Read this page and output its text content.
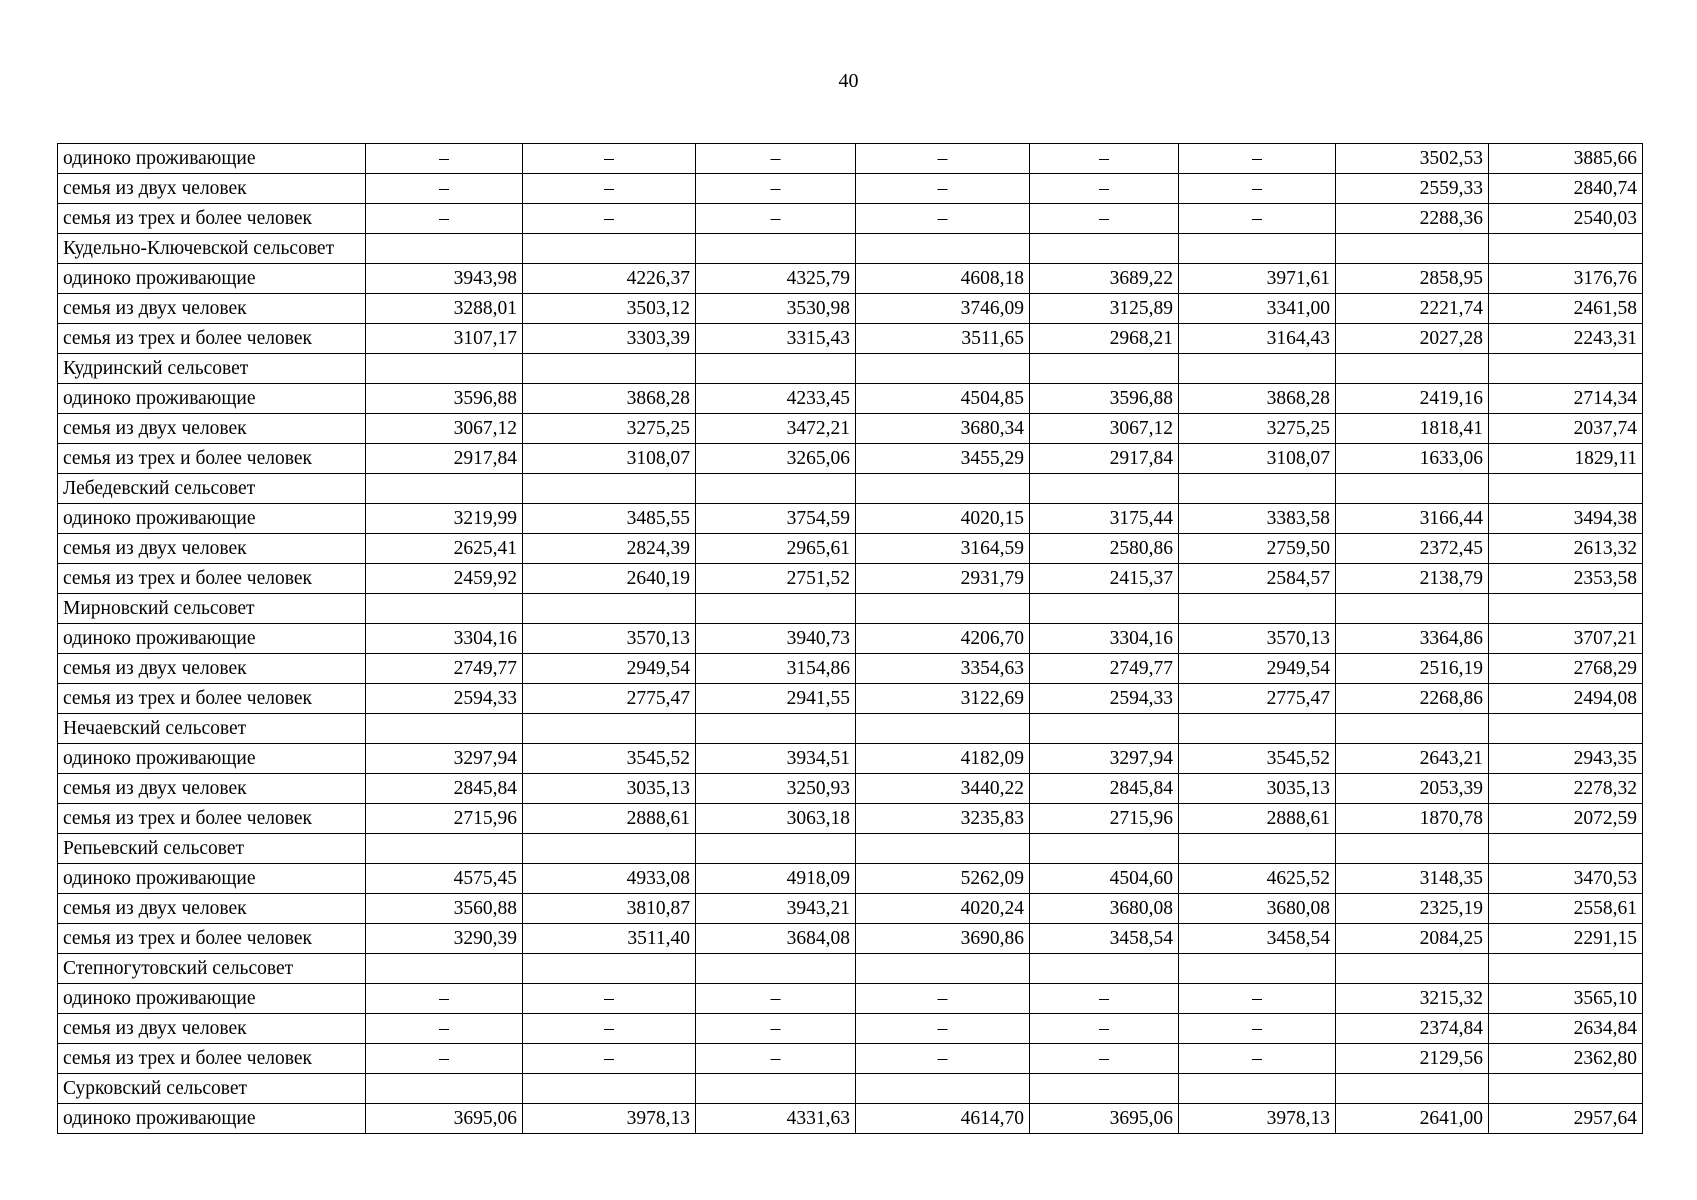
40
одиноко проживающие	–	–	–	–	–	–	3502,53	3885,66
семья из двух человек	–	–	–	–	–	–	2559,33	2840,74
семья из трех и более человек	–	–	–	–	–	–	2288,36	2540,03
Кудельно-Ключевской сельсовет								
одиноко проживающие	3943,98	4226,37	4325,79	4608,18	3689,22	3971,61	2858,95	3176,76
семья из двух человек	3288,01	3503,12	3530,98	3746,09	3125,89	3341,00	2221,74	2461,58
семья из трех и более человек	3107,17	3303,39	3315,43	3511,65	2968,21	3164,43	2027,28	2243,31
Кудринский сельсовет								
одиноко проживающие	3596,88	3868,28	4233,45	4504,85	3596,88	3868,28	2419,16	2714,34
семья из двух человек	3067,12	3275,25	3472,21	3680,34	3067,12	3275,25	1818,41	2037,74
семья из трех и более человек	2917,84	3108,07	3265,06	3455,29	2917,84	3108,07	1633,06	1829,11
Лебедевский сельсовет								
одиноко проживающие	3219,99	3485,55	3754,59	4020,15	3175,44	3383,58	3166,44	3494,38
семья из двух человек	2625,41	2824,39	2965,61	3164,59	2580,86	2759,50	2372,45	2613,32
семья из трех и более человек	2459,92	2640,19	2751,52	2931,79	2415,37	2584,57	2138,79	2353,58
Мирновский сельсовет								
одиноко проживающие	3304,16	3570,13	3940,73	4206,70	3304,16	3570,13	3364,86	3707,21
семья из двух человек	2749,77	2949,54	3154,86	3354,63	2749,77	2949,54	2516,19	2768,29
семья из трех и более человек	2594,33	2775,47	2941,55	3122,69	2594,33	2775,47	2268,86	2494,08
Нечаевский сельсовет								
одиноко проживающие	3297,94	3545,52	3934,51	4182,09	3297,94	3545,52	2643,21	2943,35
семья из двух человек	2845,84	3035,13	3250,93	3440,22	2845,84	3035,13	2053,39	2278,32
семья из трех и более человек	2715,96	2888,61	3063,18	3235,83	2715,96	2888,61	1870,78	2072,59
Репьевский сельсовет								
одиноко проживающие	4575,45	4933,08	4918,09	5262,09	4504,60	4625,52	3148,35	3470,53
семья из двух человек	3560,88	3810,87	3943,21	4020,24	3680,08	3680,08	2325,19	2558,61
семья из трех и более человек	3290,39	3511,40	3684,08	3690,86	3458,54	3458,54	2084,25	2291,15
Степногутовский сельсовет								
одиноко проживающие	–	–	–	–	–	–	3215,32	3565,10
семья из двух человек	–	–	–	–	–	–	2374,84	2634,84
семья из трех и более человек	–	–	–	–	–	–	2129,56	2362,80
Сурковский сельсовет								
одиноко проживающие	3695,06	3978,13	4331,63	4614,70	3695,06	3978,13	2641,00	2957,64
